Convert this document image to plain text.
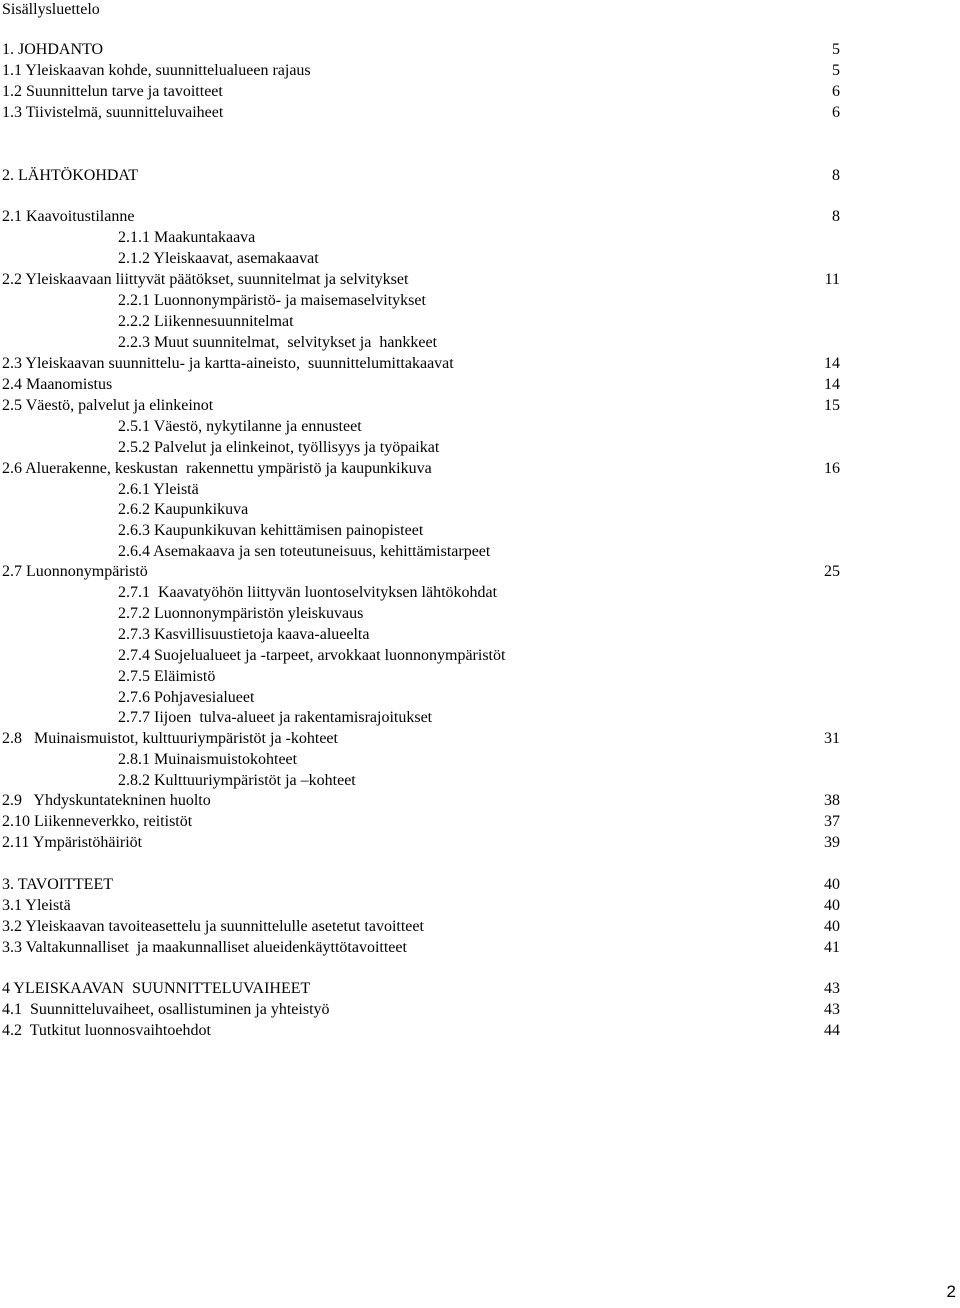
Sisällysluettelo
1. JOHDANTO	5
1.1 Yleiskaavan kohde, suunnittelualueen rajaus	5
1.2 Suunnittelun tarve ja tavoitteet	6
1.3 Tiivistelmä, suunnitteluvaiheet	6
2. LÄHTÖKOHDAT	8
2.1 Kaavoitustilanne	8
2.1.1 Maakuntakaava
2.1.2 Yleiskaavat, asemakaavat
2.2 Yleiskaavaan liittyvät päätökset, suunnitelmat ja selvitykset	11
2.2.1 Luonnonympäristö- ja maisemaselvitykset
2.2.2 Liikennesuunnitelmat
2.2.3 Muut suunnitelmat,  selvitykset ja  hankkeet
2.3 Yleiskaavan suunnittelu- ja kartta-aineisto,  suunnittelumittakaavat	14
2.4 Maanomistus	14
2.5 Väestö, palvelut ja elinkeinot	15
2.5.1 Väestö, nykytilanne ja ennusteet
2.5.2 Palvelut ja elinkeinot, työllisyys ja työpaikat
2.6 Aluerakenne, keskustan  rakennettu ympäristö ja kaupunkikuva	16
2.6.1 Yleistä
2.6.2 Kaupunkikuva
2.6.3 Kaupunkikuvan kehittämisen painopisteet
2.6.4 Asemakaava ja sen toteutuneisuus, kehittämistarpeet
2.7 Luonnonympäristö	25
2.7.1  Kaavatyöhön liittyvän luontoselvityksen lähtökohdat
2.7.2 Luonnonympäristön yleiskuvaus
2.7.3 Kasvillisuustietoja kaava-alueelta
2.7.4 Suojelualueet ja -tarpeet, arvokkaat luonnonympäristöt
2.7.5 Eläimistö
2.7.6 Pohjavesialueet
2.7.7 Iijoen  tulva-alueet ja rakentamisrajoitukset
2.8   Muinaismuistot, kulttuuriympäristöt ja -kohteet	31
2.8.1 Muinaismuistokohteet
2.8.2 Kulttuuriympäristöt ja –kohteet
2.9   Yhdyskuntatekninen huolto	38
2.10 Liikenneverkko, reitistöt	37
2.11 Ympäristöhäiriöt	39
3. TAVOITTEET	40
3.1 Yleistä	40
3.2 Yleiskaavan tavoiteasettelu ja suunnittelulle asetetut tavoitteet	40
3.3 Valtakunnalliset  ja maakunnalliset alueidenkäyttötavoitteet	41
4 YLEISKAAVAN  SUUNNITTELUVAIHEET	43
4.1  Suunnitteluvaiheet, osallistuminen ja yhteistyö	43
4.2  Tutkitut luonnosvaihtoehdot	44
2
